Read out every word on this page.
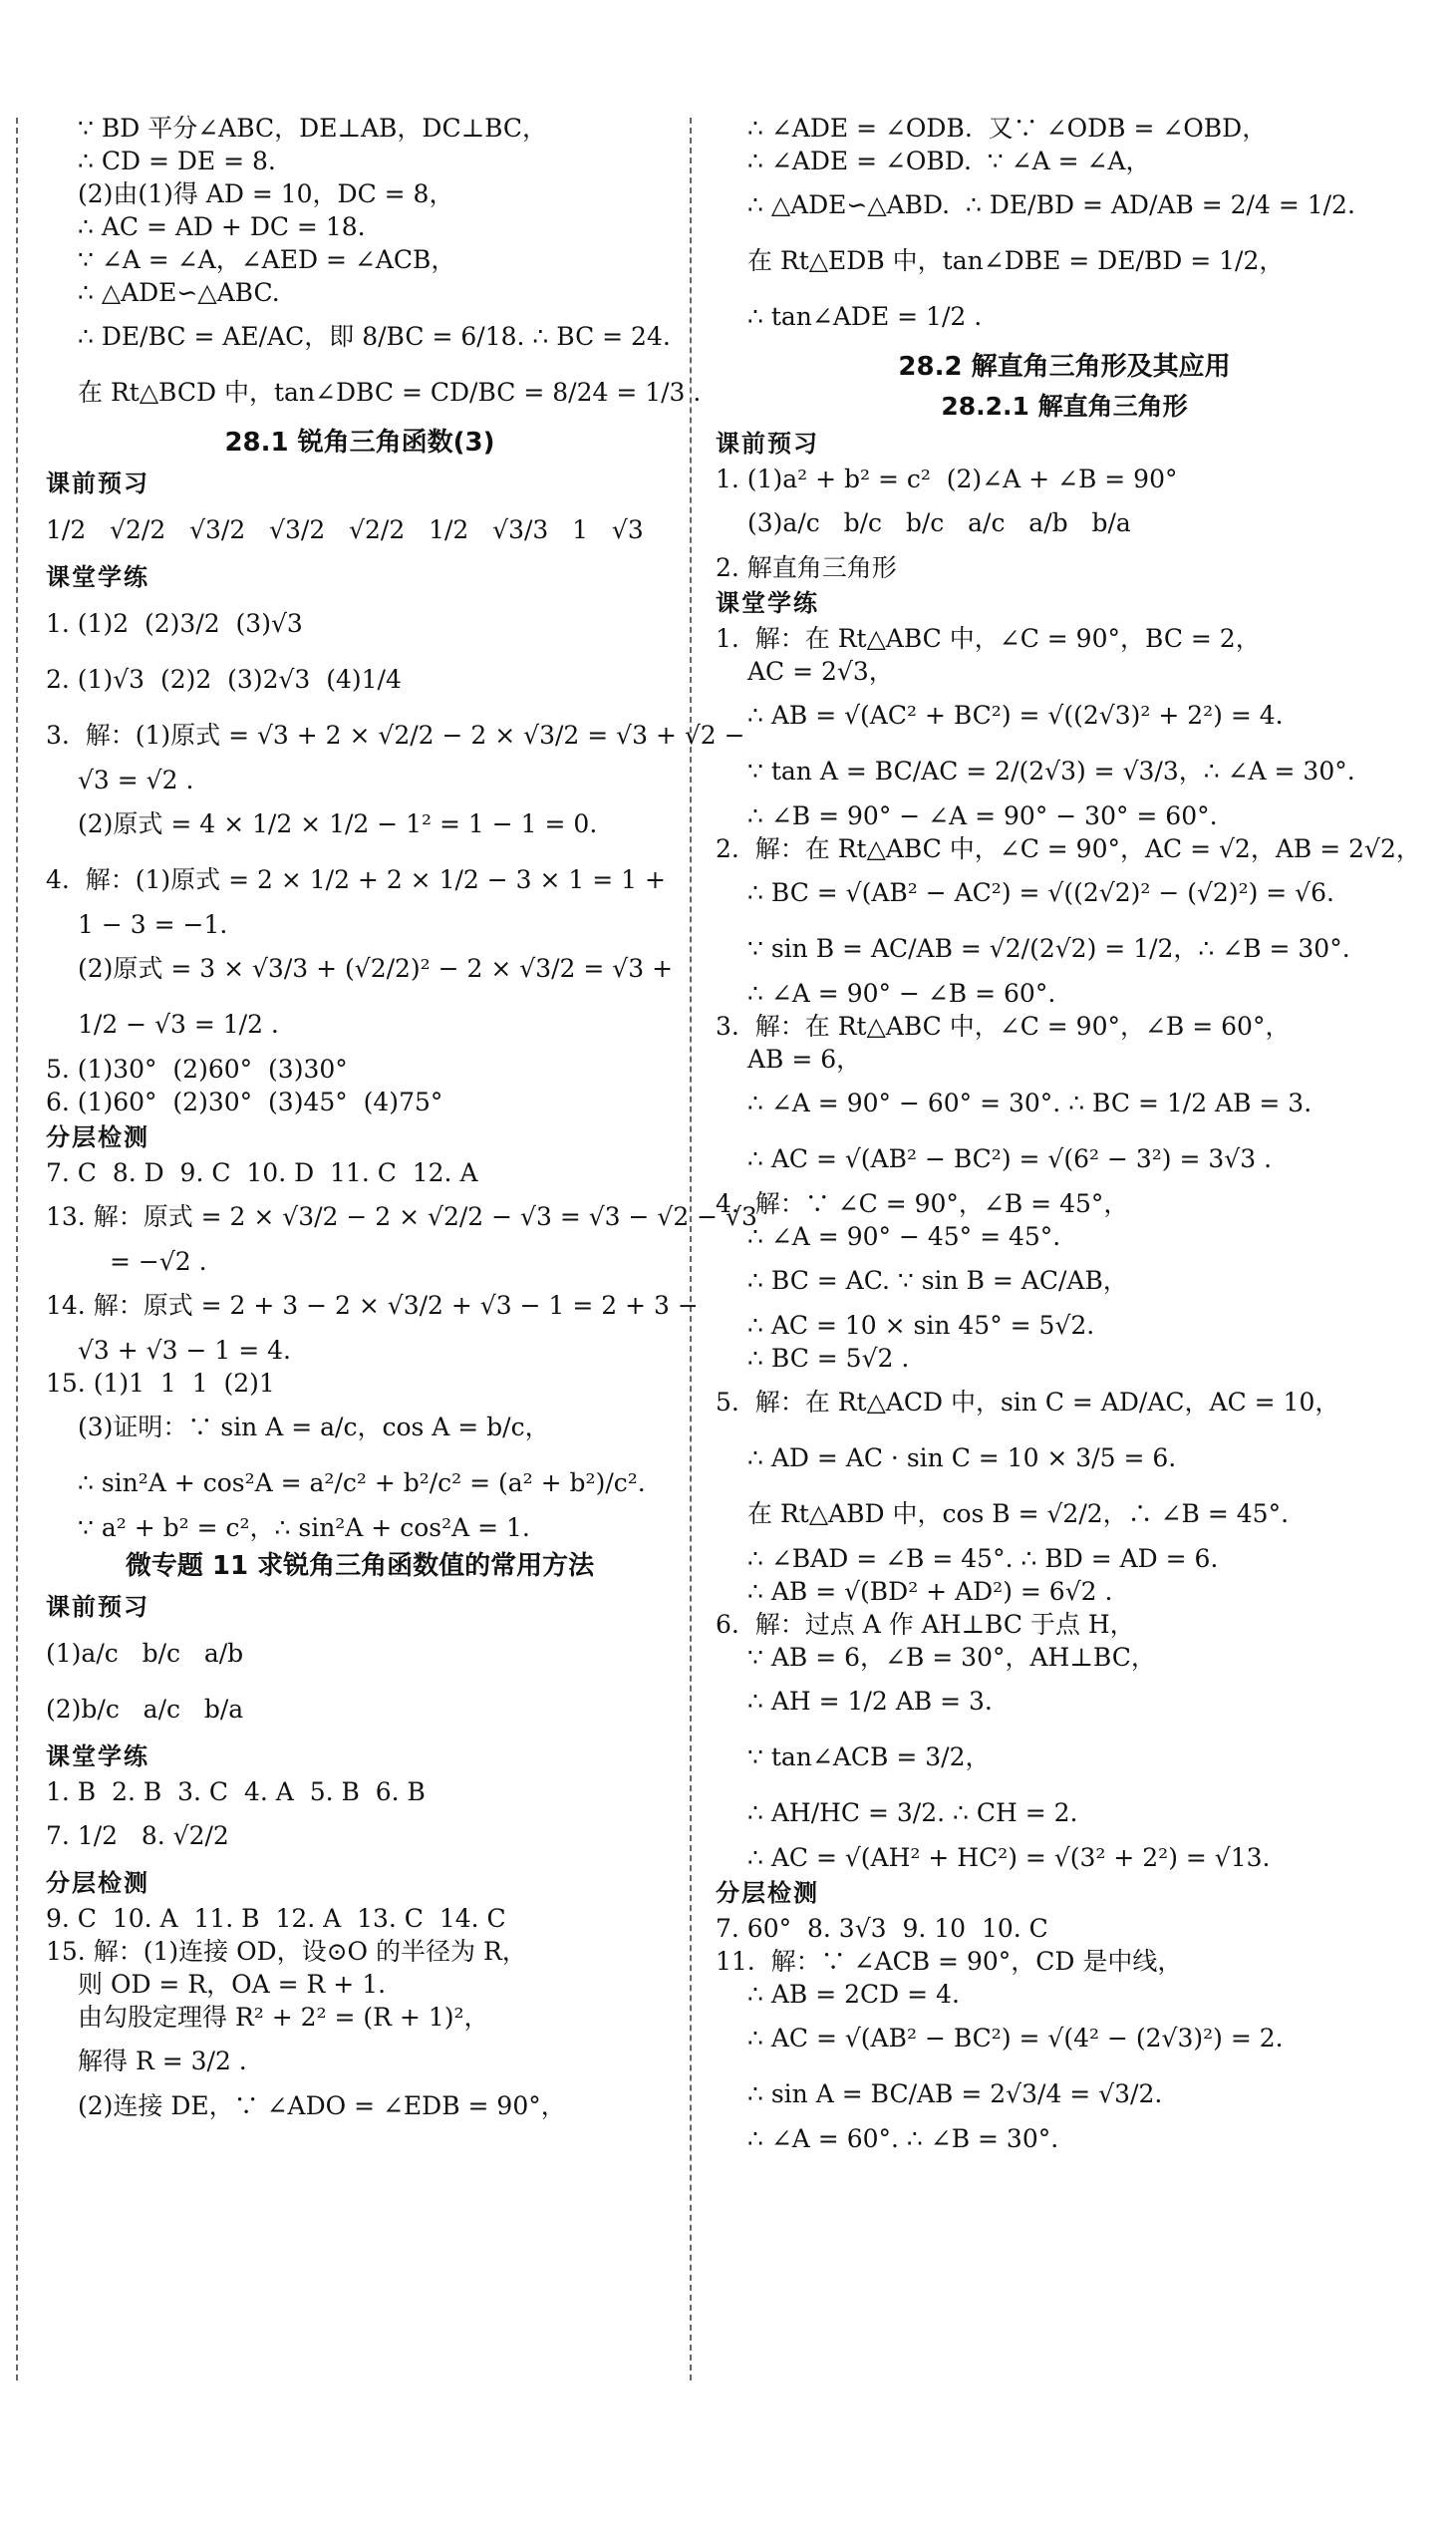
∵ BD 平分∠ABC，DE⊥AB，DC⊥BC，
∴ CD = DE = 8.
(2)由(1)得 AD = 10，DC = 8，
∴ AC = AD + DC = 18.
∵ ∠A = ∠A，∠AED = ∠ACB，
∴ △ADE∽△ABC.
∴ DE/BC = AE/AC，即 8/BC = 6/18. ∴ BC = 24.
在 Rt△BCD 中，tan∠DBC = CD/BC = 8/24 = 1/3 .
28.1 锐角三角函数(3)
课前预习
1/2   √2/2   √3/2   √3/2   √2/2   1/2   √3/3   1   √3
课堂学练
1. (1)2  (2)3/2  (3)√3
2. (1)√3  (2)2  (3)2√3  (4)1/4
3.  解：(1)原式 = √3 + 2 × √2/2 − 2 × √3/2 = √3 + √2 −
√3 = √2 .
(2)原式 = 4 × 1/2 × 1/2 − 1² = 1 − 1 = 0.
4.  解：(1)原式 = 2 × 1/2 + 2 × 1/2 − 3 × 1 = 1 +
1 − 3 = −1.
(2)原式 = 3 × √3/3 + (√2/2)² − 2 × √3/2 = √3 +
1/2 − √3 = 1/2 .
5. (1)30°  (2)60°  (3)30°
6. (1)60°  (2)30°  (3)45°  (4)75°
分层检测
7. C  8. D  9. C  10. D  11. C  12. A
13. 解：原式 = 2 × √3/2 − 2 × √2/2 − √3 = √3 − √2 − √3
= −√2 .
14. 解：原式 = 2 + 3 − 2 × √3/2 + √3 − 1 = 2 + 3 −
√3 + √3 − 1 = 4.
15. (1)1  1  1  (2)1
(3)证明：∵ sin A = a/c，cos A = b/c，
∴ sin²A + cos²A = a²/c² + b²/c² = (a² + b²)/c².
∵ a² + b² = c²，∴ sin²A + cos²A = 1.
微专题 11 求锐角三角函数值的常用方法
课前预习
(1)a/c   b/c   a/b
(2)b/c   a/c   b/a
课堂学练
1. B  2. B  3. C  4. A  5. B  6. B
7. 1/2   8. √2/2
分层检测
9. C  10. A  11. B  12. A  13. C  14. C
15. 解：(1)连接 OD，设⊙O 的半径为 R，
则 OD = R，OA = R + 1.
由勾股定理得 R² + 2² = (R + 1)²，
解得 R = 3/2 .
(2)连接 DE，∵ ∠ADO = ∠EDB = 90°，
∴ ∠ADE = ∠ODB.  又∵ ∠ODB = ∠OBD，
∴ ∠ADE = ∠OBD.  ∵ ∠A = ∠A，
∴ △ADE∽△ABD.  ∴ DE/BD = AD/AB = 2/4 = 1/2.
在 Rt△EDB 中，tan∠DBE = DE/BD = 1/2，
∴ tan∠ADE = 1/2 .
28.2 解直角三角形及其应用
28.2.1 解直角三角形
课前预习
1. (1)a² + b² = c²  (2)∠A + ∠B = 90°
(3)a/c   b/c   b/c   a/c   a/b   b/a
2. 解直角三角形
课堂学练
1.  解：在 Rt△ABC 中，∠C = 90°，BC = 2，
AC = 2√3，
∴ AB = √(AC² + BC²) = √((2√3)² + 2²) = 4.
∵ tan A = BC/AC = 2/(2√3) = √3/3，∴ ∠A = 30°.
∴ ∠B = 90° − ∠A = 90° − 30° = 60°.
2.  解：在 Rt△ABC 中，∠C = 90°，AC = √2，AB = 2√2，
∴ BC = √(AB² − AC²) = √((2√2)² − (√2)²) = √6.
∵ sin B = AC/AB = √2/(2√2) = 1/2，∴ ∠B = 30°.
∴ ∠A = 90° − ∠B = 60°.
3.  解：在 Rt△ABC 中，∠C = 90°，∠B = 60°，
AB = 6，
∴ ∠A = 90° − 60° = 30°. ∴ BC = 1/2 AB = 3.
∴ AC = √(AB² − BC²) = √(6² − 3²) = 3√3 .
4.  解：∵ ∠C = 90°，∠B = 45°，
∴ ∠A = 90° − 45° = 45°.
∴ BC = AC. ∵ sin B = AC/AB，
∴ AC = 10 × sin 45° = 5√2.
∴ BC = 5√2 .
5.  解：在 Rt△ACD 中，sin C = AD/AC，AC = 10，
∴ AD = AC · sin C = 10 × 3/5 = 6.
在 Rt△ABD 中，cos B = √2/2，∴ ∠B = 45°.
∴ ∠BAD = ∠B = 45°. ∴ BD = AD = 6.
∴ AB = √(BD² + AD²) = 6√2 .
6.  解：过点 A 作 AH⊥BC 于点 H，
∵ AB = 6，∠B = 30°，AH⊥BC，
∴ AH = 1/2 AB = 3.
∵ tan∠ACB = 3/2，
∴ AH/HC = 3/2. ∴ CH = 2.
∴ AC = √(AH² + HC²) = √(3² + 2²) = √13.
分层检测
7. 60°  8. 3√3  9. 10  10. C
11.  解：∵ ∠ACB = 90°，CD 是中线，
∴ AB = 2CD = 4.
∴ AC = √(AB² − BC²) = √(4² − (2√3)²) = 2.
∴ sin A = BC/AB = 2√3/4 = √3/2.
∴ ∠A = 60°. ∴ ∠B = 30°.
